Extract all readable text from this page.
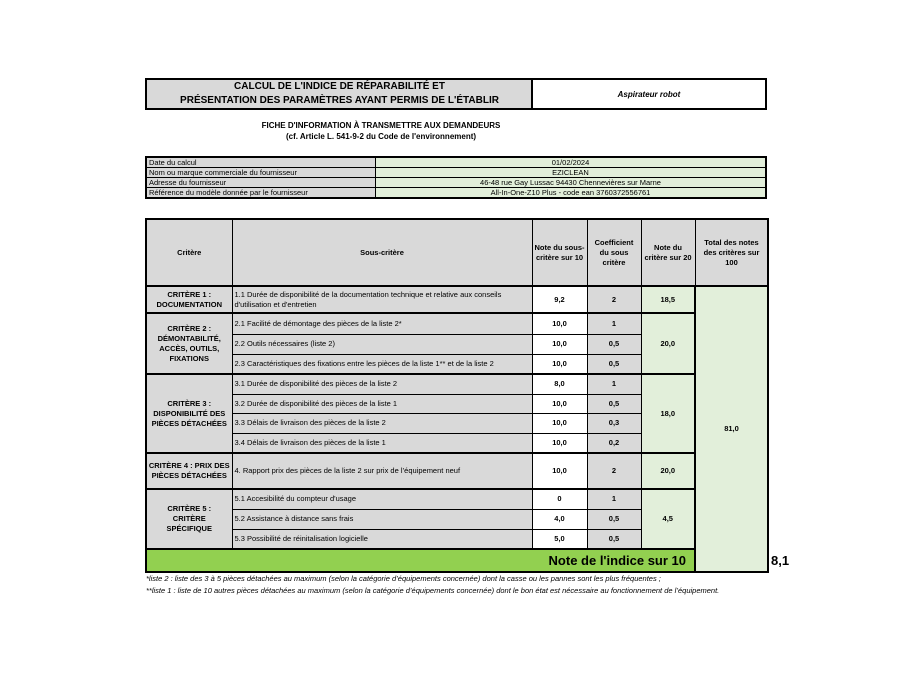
CALCUL DE L'INDICE DE RÉPARABILITÉ ET
PRÉSENTATION DES PARAMÈTRES AYANT PERMIS DE L'ÉTABLIR
Aspirateur robot
FICHE D'INFORMATION À TRANSMETTRE AUX DEMANDEURS
(cf. Article L. 541-9-2 du Code de l'environnement)
Date du calcul	01/02/2024
Nom ou marque commerciale du fournisseur	EZICLEAN
Adresse du fournisseur	46-48 rue Gay Lussac 94430 Chennevières sur Marne
Référence du modèle donnée par le fournisseur	All-In-One-Z10 Plus - code ean 3760372556761
Critère	Sous-critère	Note du sous-critère sur 10	Coefficient du sous critère	Note du critère sur 20	Total des notes des critères sur 100	
CRITÈRE 1 : DOCUMENTATION	1.1 Durée de disponibilité de la documentation technique et relative aux conseils d'utilisation et d'entretien	9,2	2	18,5	81,0	
CRITÈRE 2 : DÉMONTABILITÉ, ACCÈS, OUTILS, FIXATIONS	2.1 Facilité de démontage des pièces de la liste 2*	10,0	1	20,0		
	2.2 Outils nécessaires (liste 2)	10,0	0,5			
	2.3 Caractéristiques des fixations entre les pièces de la liste 1** et de la liste 2	10,0	0,5			
CRITÈRE 3 : DISPONIBILITÉ DES PIÈCES DÉTACHÉES	3.1 Durée de disponibilité des pièces de la liste 2	8,0	1	18,0		
	3.2 Durée de disponibilité des pièces de la liste 1	10,0	0,5			
	3.3 Délais de livraison des pièces de la liste 2	10,0	0,3			
	3.4 Délais de livraison des pièces de la liste 1	10,0	0,2			
CRITÈRE 4 : PRIX DES PIÈCES DÉTACHÉES	4. Rapport prix des pièces de la liste 2 sur prix de l’équipement neuf	10,0	2	20,0		
CRITÈRE 5 : CRITÈRE SPÉCIFIQUE	5.1 Accesibilité du compteur d'usage	0	1	4,5		
	5.2 Assistance à distance sans frais	4,0	0,5			
	5.3 Possibilité de réinitalisation logicielle	5,0	0,5			
Note de l'indice sur 10						8,1
*liste 2 : liste des 3 à 5 pièces détachées au maximum (selon la catégorie d’équipements concernée) dont la casse ou les pannes sont les plus fréquentes ;
**liste 1 : liste de 10 autres pièces détachées au maximum (selon la catégorie d’équipements concernée) dont le bon état est nécessaire au fonctionnement de l’équipement.
